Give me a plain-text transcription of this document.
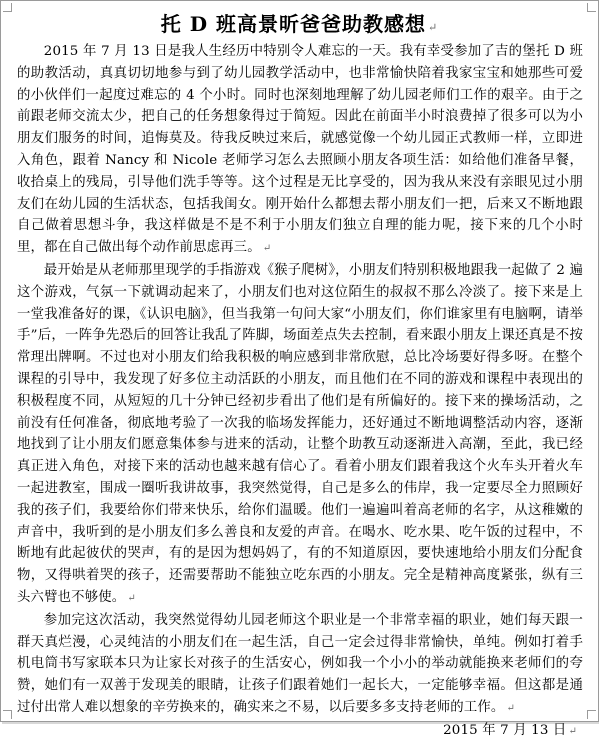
托 D 班高景昕爸爸助教感想 ↵

2015 年 7 月 13 日是我人生经历中特别令人难忘的一天。我有幸受参加了吉的堡托 D 班的助教活动，真真切切地参与到了幼儿园教学活动中，也非常愉快陪着我家宝宝和她那些可爱的小伙伴们一起度过难忘的 4 个小时。同时也深刻地理解了幼儿园老师们工作的艰辛。由于之前跟老师交流太少，把自己的任务想象得过于简短。因此在前面半小时浪费掉了很多可以为小朋友们服务的时间，追悔莫及。待我反映过来后，就感觉像一个幼儿园正式教师一样，立即进入角色，跟着 Nancy 和 Nicole 老师学习怎么去照顾小朋友各项生活：如给他们准备早餐，收拾桌上的残局，引导他们洗手等等。这个过程是无比享受的，因为我从来没有亲眼见过小朋友们在幼儿园的生活状态，包括我闺女。刚开始什么都想去帮小朋友们一把，后来又不断地跟自己做着思想斗争，我这样做是不是不利于小朋友们独立自理的能力呢，接下来的几个小时里，都在自己做出每个动作前思虑再三。 ↵

最开始是从老师那里现学的手指游戏《猴子爬树》，小朋友们特别积极地跟我一起做了 2 遍这个游戏，气氛一下就调动起来了，小朋友们也对这位陌生的叔叔不那么冷淡了。接下来是上一堂我准备好的课，《认识电脑》，但当我第一句问大家“小朋友们，你们谁家里有电脑啊，请举手”后，一阵争先恐后的回答让我乱了阵脚，场面差点失去控制，看来跟小朋友上课还真是不按常理出牌啊。不过也对小朋友们给我积极的响应感到非常欣慰，总比冷场要好得多呀。在整个课程的引导中，我发现了好多位主动活跃的小朋友，而且他们在不同的游戏和课程中表现出的积极程度不同，从短短的几十分钟已经初步看出了他们是有所偏好的。接下来的操场活动，之前没有任何准备，彻底地考验了一次我的临场发挥能力，还好通过不断地调整活动内容，逐渐地找到了让小朋友们愿意集体参与进来的活动，让整个助教互动逐渐进入高潮，至此，我已经真正进入角色，对接下来的活动也越来越有信心了。看着小朋友们跟着我这个火车头开着火车一起进教室，围成一圈听我讲故事，我突然觉得，自己是多么的伟岸，我一定要尽全力照顾好我的孩子们，我要给你们带来快乐，给你们温暖。他们一遍遍叫着高老师的名字，从这稚嫩的声音中，我听到的是小朋友们多么善良和友爱的声音。在喝水、吃水果、吃午饭的过程中，不断地有此起彼伏的哭声，有的是因为想妈妈了，有的不知道原因，要快速地给小朋友们分配食物，又得哄着哭的孩子，还需要帮助不能独立吃东西的小朋友。完全是精神高度紧张，纵有三头六臂也不够使。 ↵

参加完这次活动，我突然觉得幼儿园老师这个职业是一个非常幸福的职业，她们每天跟一群天真烂漫，心灵纯洁的小朋友们在一起生活，自己一定会过得非常愉快，单纯。例如打着手机电筒书写家联本只为让家长对孩子的生活安心，例如我一个小小的举动就能换来老师们的夸赞，她们有一双善于发现美的眼睛，让孩子们跟着她们一起长大，一定能够幸福。但这都是通过付出常人难以想象的辛劳换来的，确实来之不易，以后要多多支持老师的工作。 ↵

2015 年 7 月 13 日 ↵
